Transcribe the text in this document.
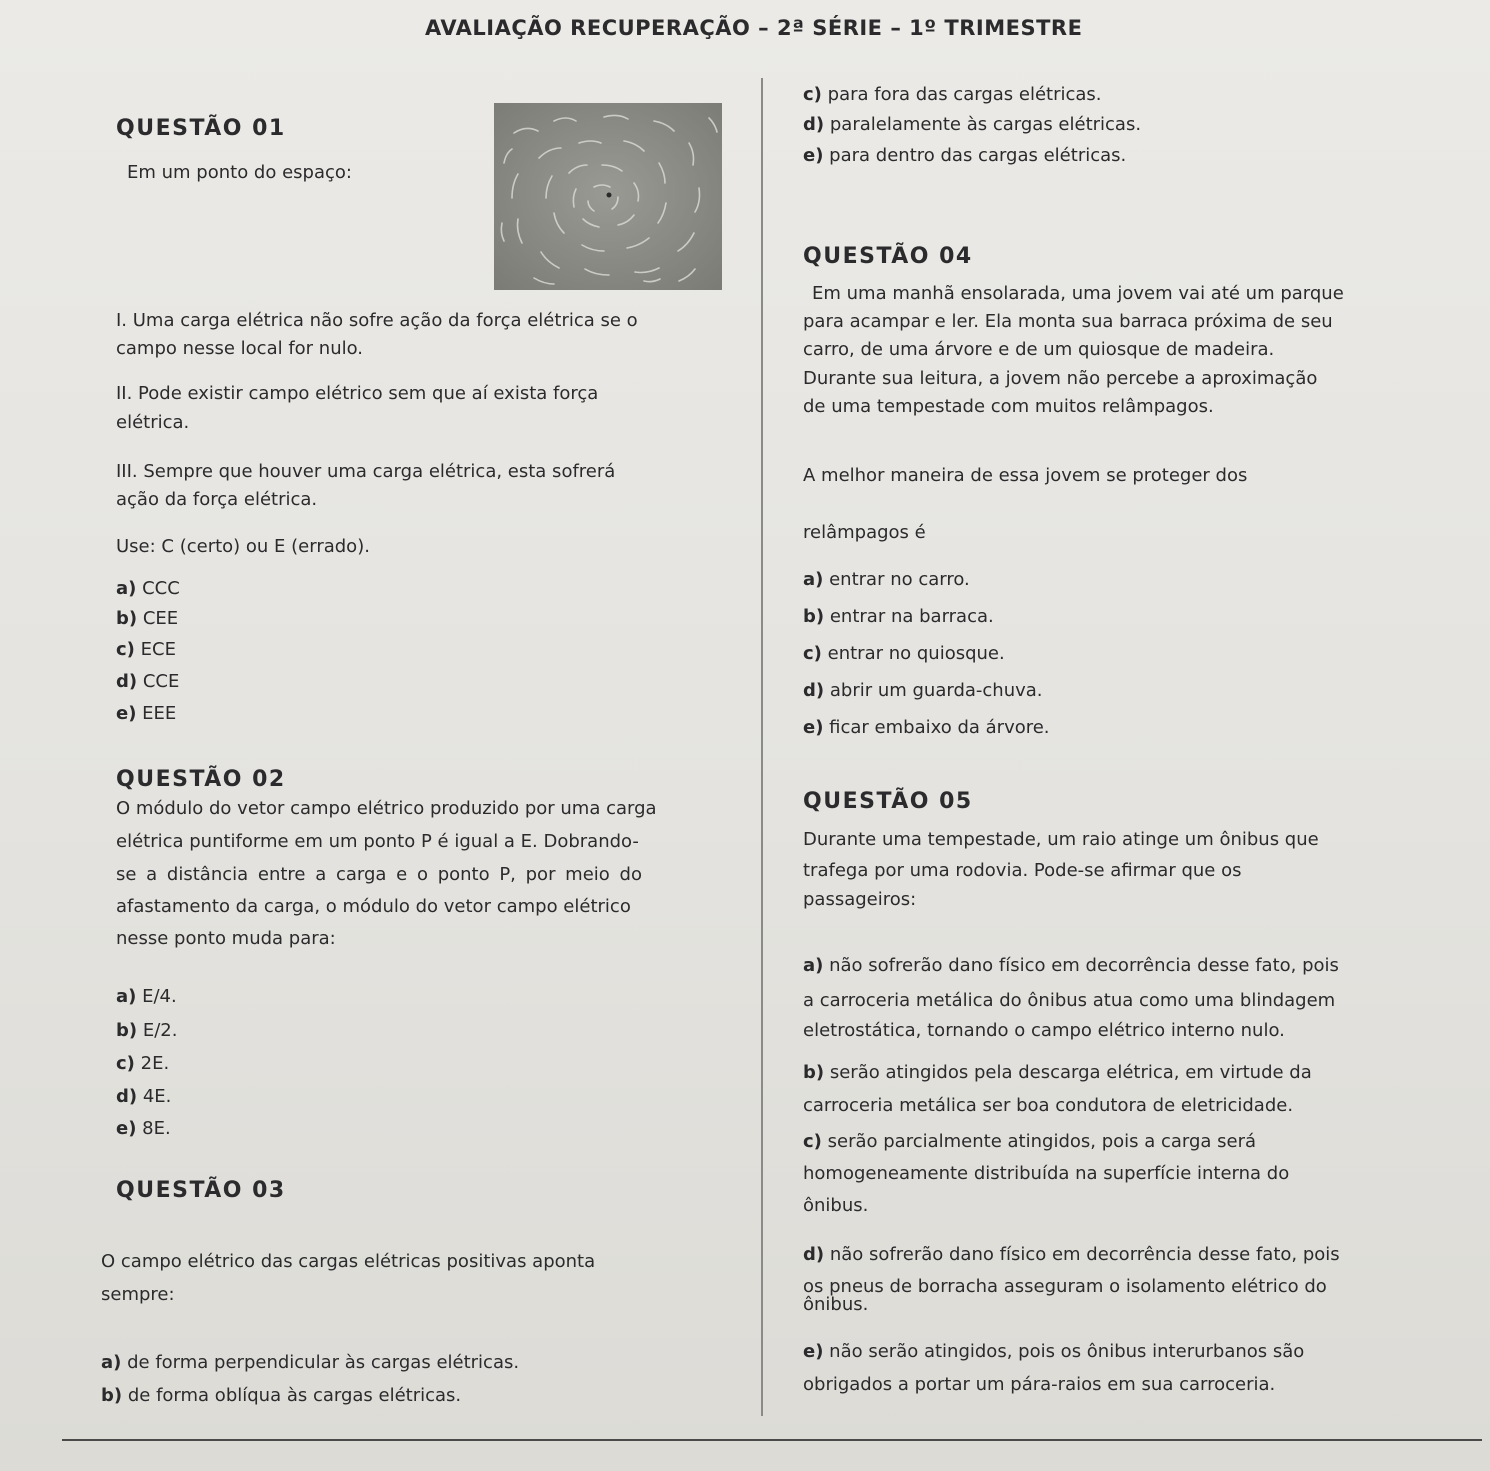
AVALIAÇÃO RECUPERAÇÃO – 2ª SÉRIE – 1º TRIMESTRE
QUESTÃO 01
Em um ponto do espaço:
I. Uma carga elétrica não sofre ação da força elétrica se o
campo nesse local for nulo.
II. Pode existir campo elétrico sem que aí exista força
elétrica.
III. Sempre que houver uma carga elétrica, esta sofrerá
ação da força elétrica.
Use: C (certo) ou E (errado).
a) CCC
b) CEE
c) ECE
d) CCE
e) EEE
QUESTÃO 02
O módulo do vetor campo elétrico produzido por uma carga
elétrica puntiforme em um ponto P é igual a E. Dobrando-
se a distância entre a carga e o ponto P, por meio do
afastamento da carga, o módulo do vetor campo elétrico
nesse ponto muda para:
a) E/4.
b) E/2.
c) 2E.
d) 4E.
e) 8E.
QUESTÃO 03
O campo elétrico das cargas elétricas positivas aponta
sempre:
a) de forma perpendicular às cargas elétricas.
b) de forma oblíqua às cargas elétricas.
c) para fora das cargas elétricas.
d) paralelamente às cargas elétricas.
e) para dentro das cargas elétricas.
QUESTÃO 04
Em uma manhã ensolarada, uma jovem vai até um parque
para acampar e ler. Ela monta sua barraca próxima de seu
carro, de uma árvore e de um quiosque de madeira.
Durante sua leitura, a jovem não percebe a aproximação
de uma tempestade com muitos relâmpagos.
A melhor maneira de essa jovem se proteger dos
relâmpagos é
a) entrar no carro.
b) entrar na barraca.
c) entrar no quiosque.
d) abrir um guarda-chuva.
e) ficar embaixo da árvore.
QUESTÃO 05
Durante uma tempestade, um raio atinge um ônibus que
trafega por uma rodovia. Pode-se afirmar que os
passageiros:
a) não sofrerão dano físico em decorrência desse fato, pois
a carroceria metálica do ônibus atua como uma blindagem
eletrostática, tornando o campo elétrico interno nulo.
b) serão atingidos pela descarga elétrica, em virtude da
carroceria metálica ser boa condutora de eletricidade.
c) serão parcialmente atingidos, pois a carga será
homogeneamente distribuída na superfície interna do
ônibus.
d) não sofrerão dano físico em decorrência desse fato, pois
os pneus de borracha asseguram o isolamento elétrico do
ônibus.
e) não serão atingidos, pois os ônibus interurbanos são
obrigados a portar um pára-raios em sua carroceria.
